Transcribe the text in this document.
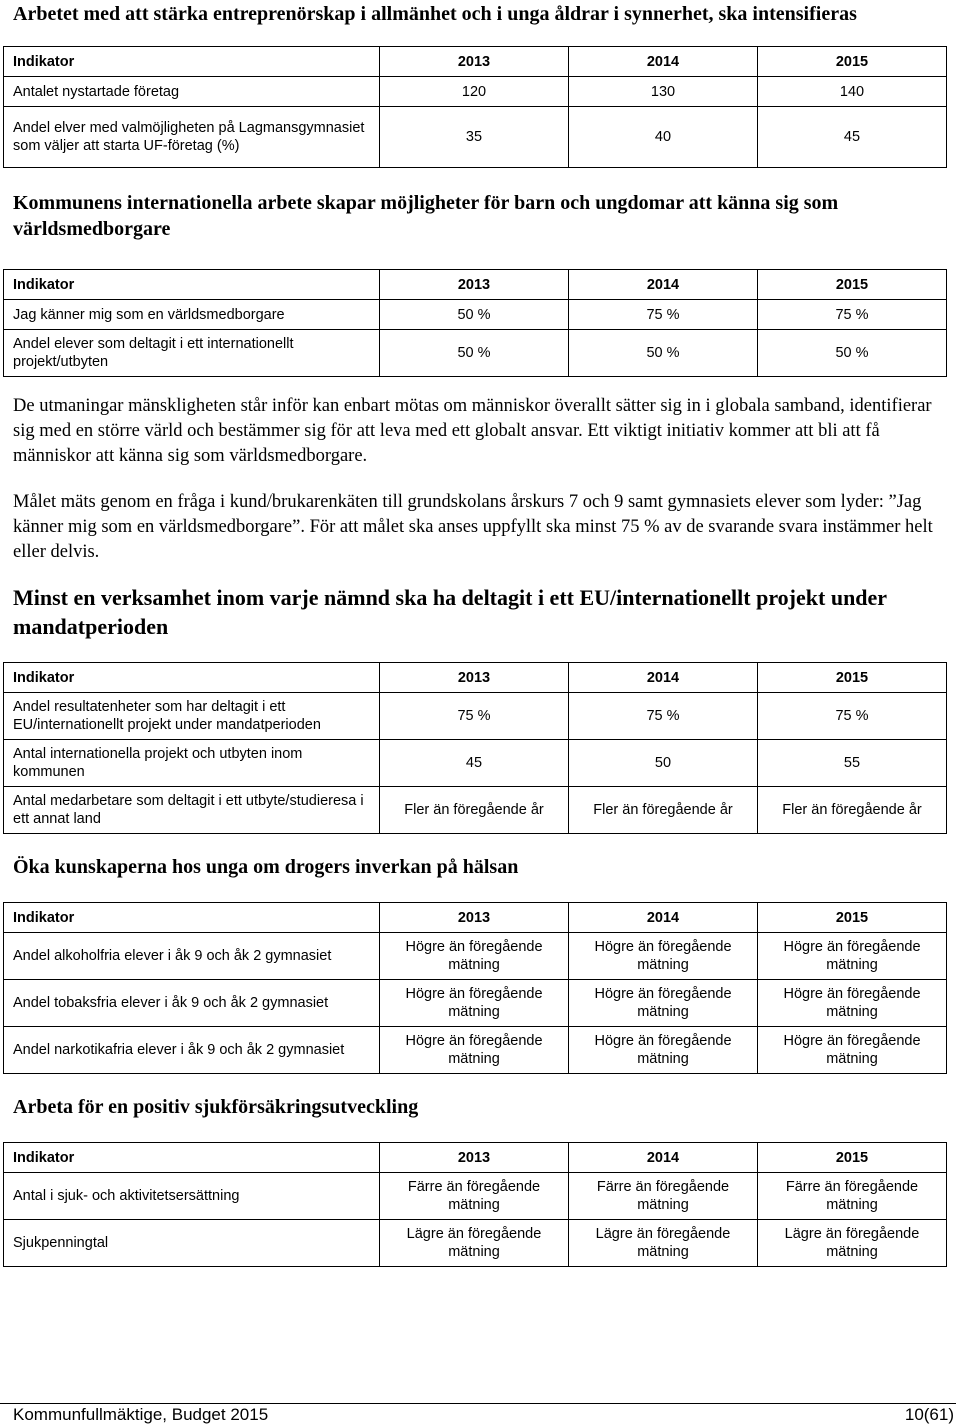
Arbetet med att stärka entreprenörskap i allmänhet och i unga åldrar i synnerhet, ska intensifieras
Indikator	2013	2014	2015
Antalet nystartade företag	120	130	140
Andel elver med valmöjligheten på Lagmansgymnasiet som väljer att starta UF-företag (%)	35	40	45
Kommunens internationella arbete skapar möjligheter för barn och ungdomar att känna sig som världsmedborgare
Indikator	2013	2014	2015
Jag känner mig som en världsmedborgare	50 %	75 %	75 %
Andel elever som deltagit i ett internationellt projekt/utbyten	50 %	50 %	50 %

De utmaningar mänskligheten står inför kan enbart mötas om människor överallt sätter sig in i globala samband, identifierar sig med en större värld och bestämmer sig för att leva med ett globalt ansvar. Ett viktigt initiativ kommer att bli att få människor att känna sig som världsmedborgare.

Målet mäts genom en fråga i kund/brukarenkäten till grundskolans årskurs 7 och 9 samt gymnasiets elever som lyder: ”Jag känner mig som en världsmedborgare”. För att målet ska anses uppfyllt ska minst 75 % av de svarande svara instämmer helt eller delvis.

Minst en verksamhet inom varje nämnd ska ha deltagit i ett EU/internationellt projekt under mandatperioden
Indikator	2013	2014	2015
Andel resultatenheter som har deltagit i ett EU/internationellt projekt under mandatperioden	75 %	75 %	75 %
Antal internationella projekt och utbyten inom kommunen	45	50	55
Antal medarbetare som deltagit i ett utbyte/studieresa i ett annat land	Fler än föregående år	Fler än föregående år	Fler än föregående år
Öka kunskaperna hos unga om drogers inverkan på hälsan
Indikator	2013	2014	2015
Andel alkoholfria elever i åk 9 och åk 2 gymnasiet	Högre än föregående mätning	Högre än föregående mätning	Högre än föregående mätning
Andel tobaksfria elever i åk 9 och åk 2 gymnasiet	Högre än föregående mätning	Högre än föregående mätning	Högre än föregående mätning
Andel narkotikafria elever i åk 9 och åk 2 gymnasiet	Högre än föregående mätning	Högre än föregående mätning	Högre än föregående mätning
Arbeta för en positiv sjukförsäkringsutveckling
Indikator	2013	2014	2015
Antal i sjuk- och aktivitetsersättning	Färre än föregående mätning	Färre än föregående mätning	Färre än föregående mätning
Sjukpenningtal	Lägre än föregående mätning	Lägre än föregående mätning	Lägre än föregående mätning
Kommunfullmäktige, Budget 2015	10(61)
